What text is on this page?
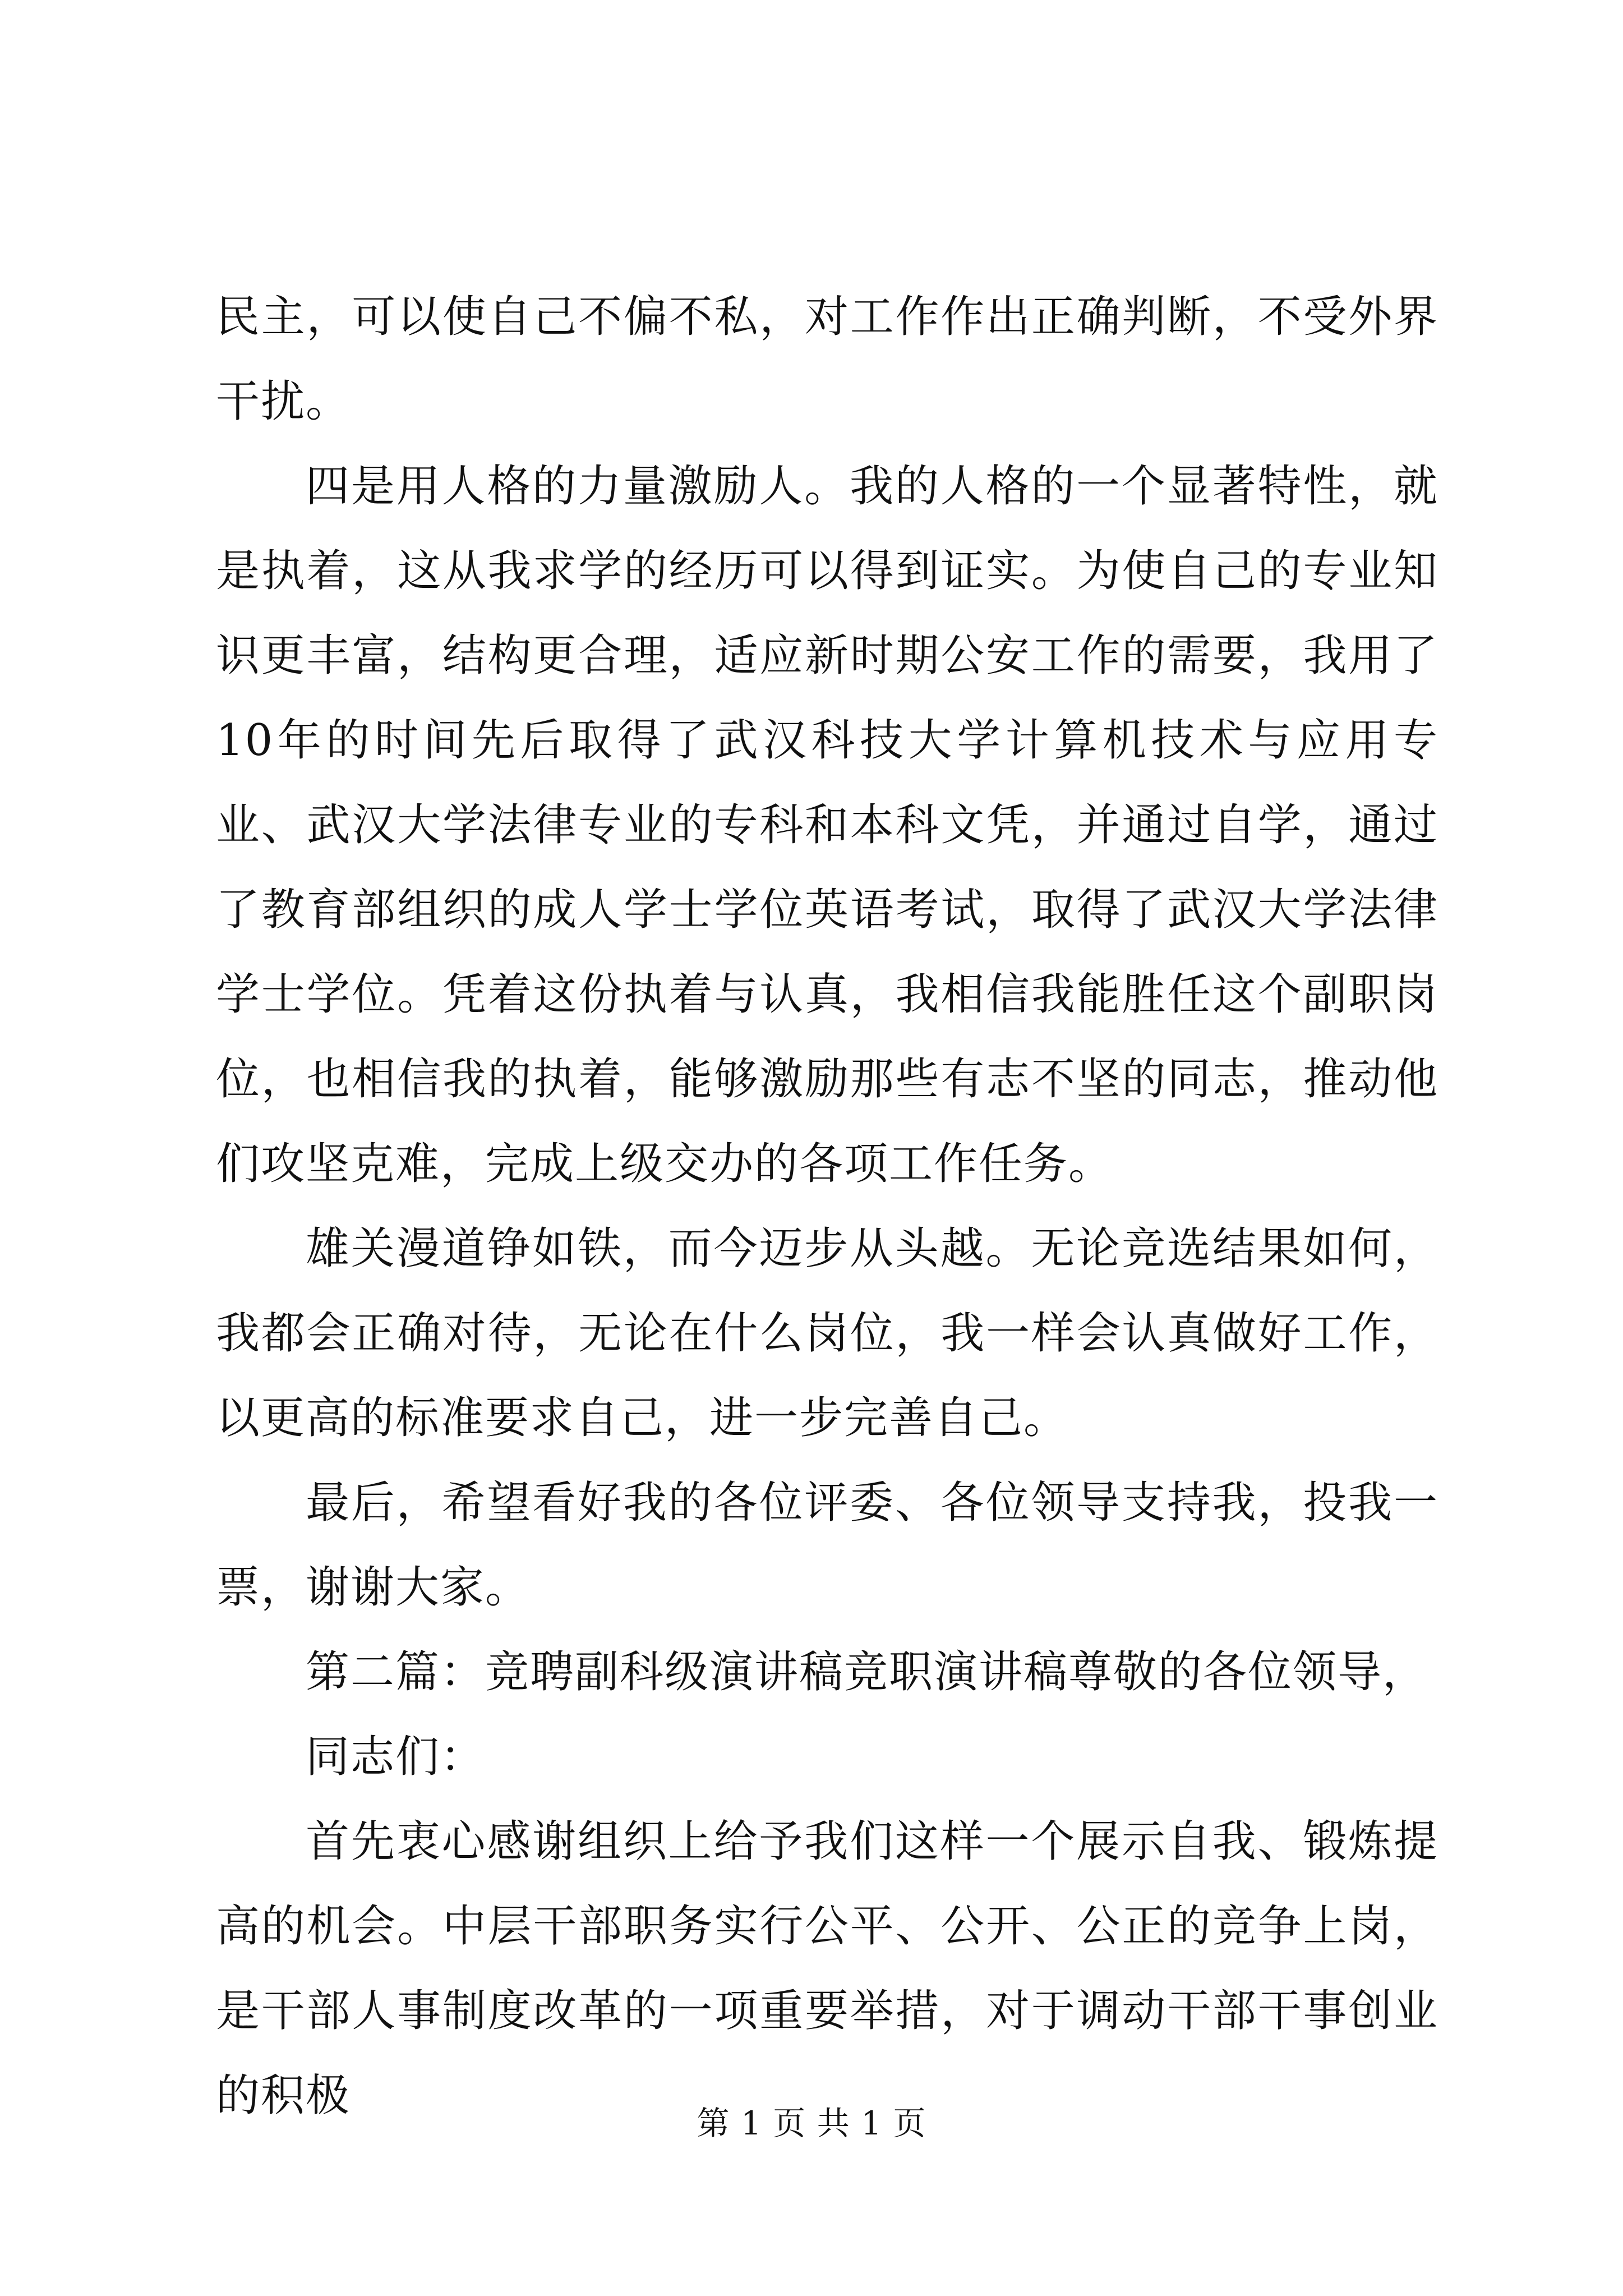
民主，可以使自己不偏不私，对工作作出正确判断，不受外界干扰。

四是用人格的力量激励人。我的人格的一个显著特性，就是执着，这从我求学的经历可以得到证实。为使自己的专业知识更丰富，结构更合理，适应新时期公安工作的需要，我用了10年的时间先后取得了武汉科技大学计算机技术与应用专业、武汉大学法律专业的专科和本科文凭，并通过自学，通过了教育部组织的成人学士学位英语考试，取得了武汉大学法律学士学位。凭着这份执着与认真，我相信我能胜任这个副职岗位，也相信我的执着，能够激励那些有志不坚的同志，推动他们攻坚克难，完成上级交办的各项工作任务。

雄关漫道铮如铁，而今迈步从头越。无论竞选结果如何，我都会正确对待，无论在什么岗位，我一样会认真做好工作，以更高的标准要求自己，进一步完善自己。

最后，希望看好我的各位评委、各位领导支持我，投我一票，谢谢大家。

第二篇：竞聘副科级演讲稿竞职演讲稿尊敬的各位领导，

同志们：

首先衷心感谢组织上给予我们这样一个展示自我、锻炼提高的机会。中层干部职务实行公平、公开、公正的竞争上岗，是干部人事制度改革的一项重要举措，对于调动干部干事创业的积极

第 1 页 共 1 页
